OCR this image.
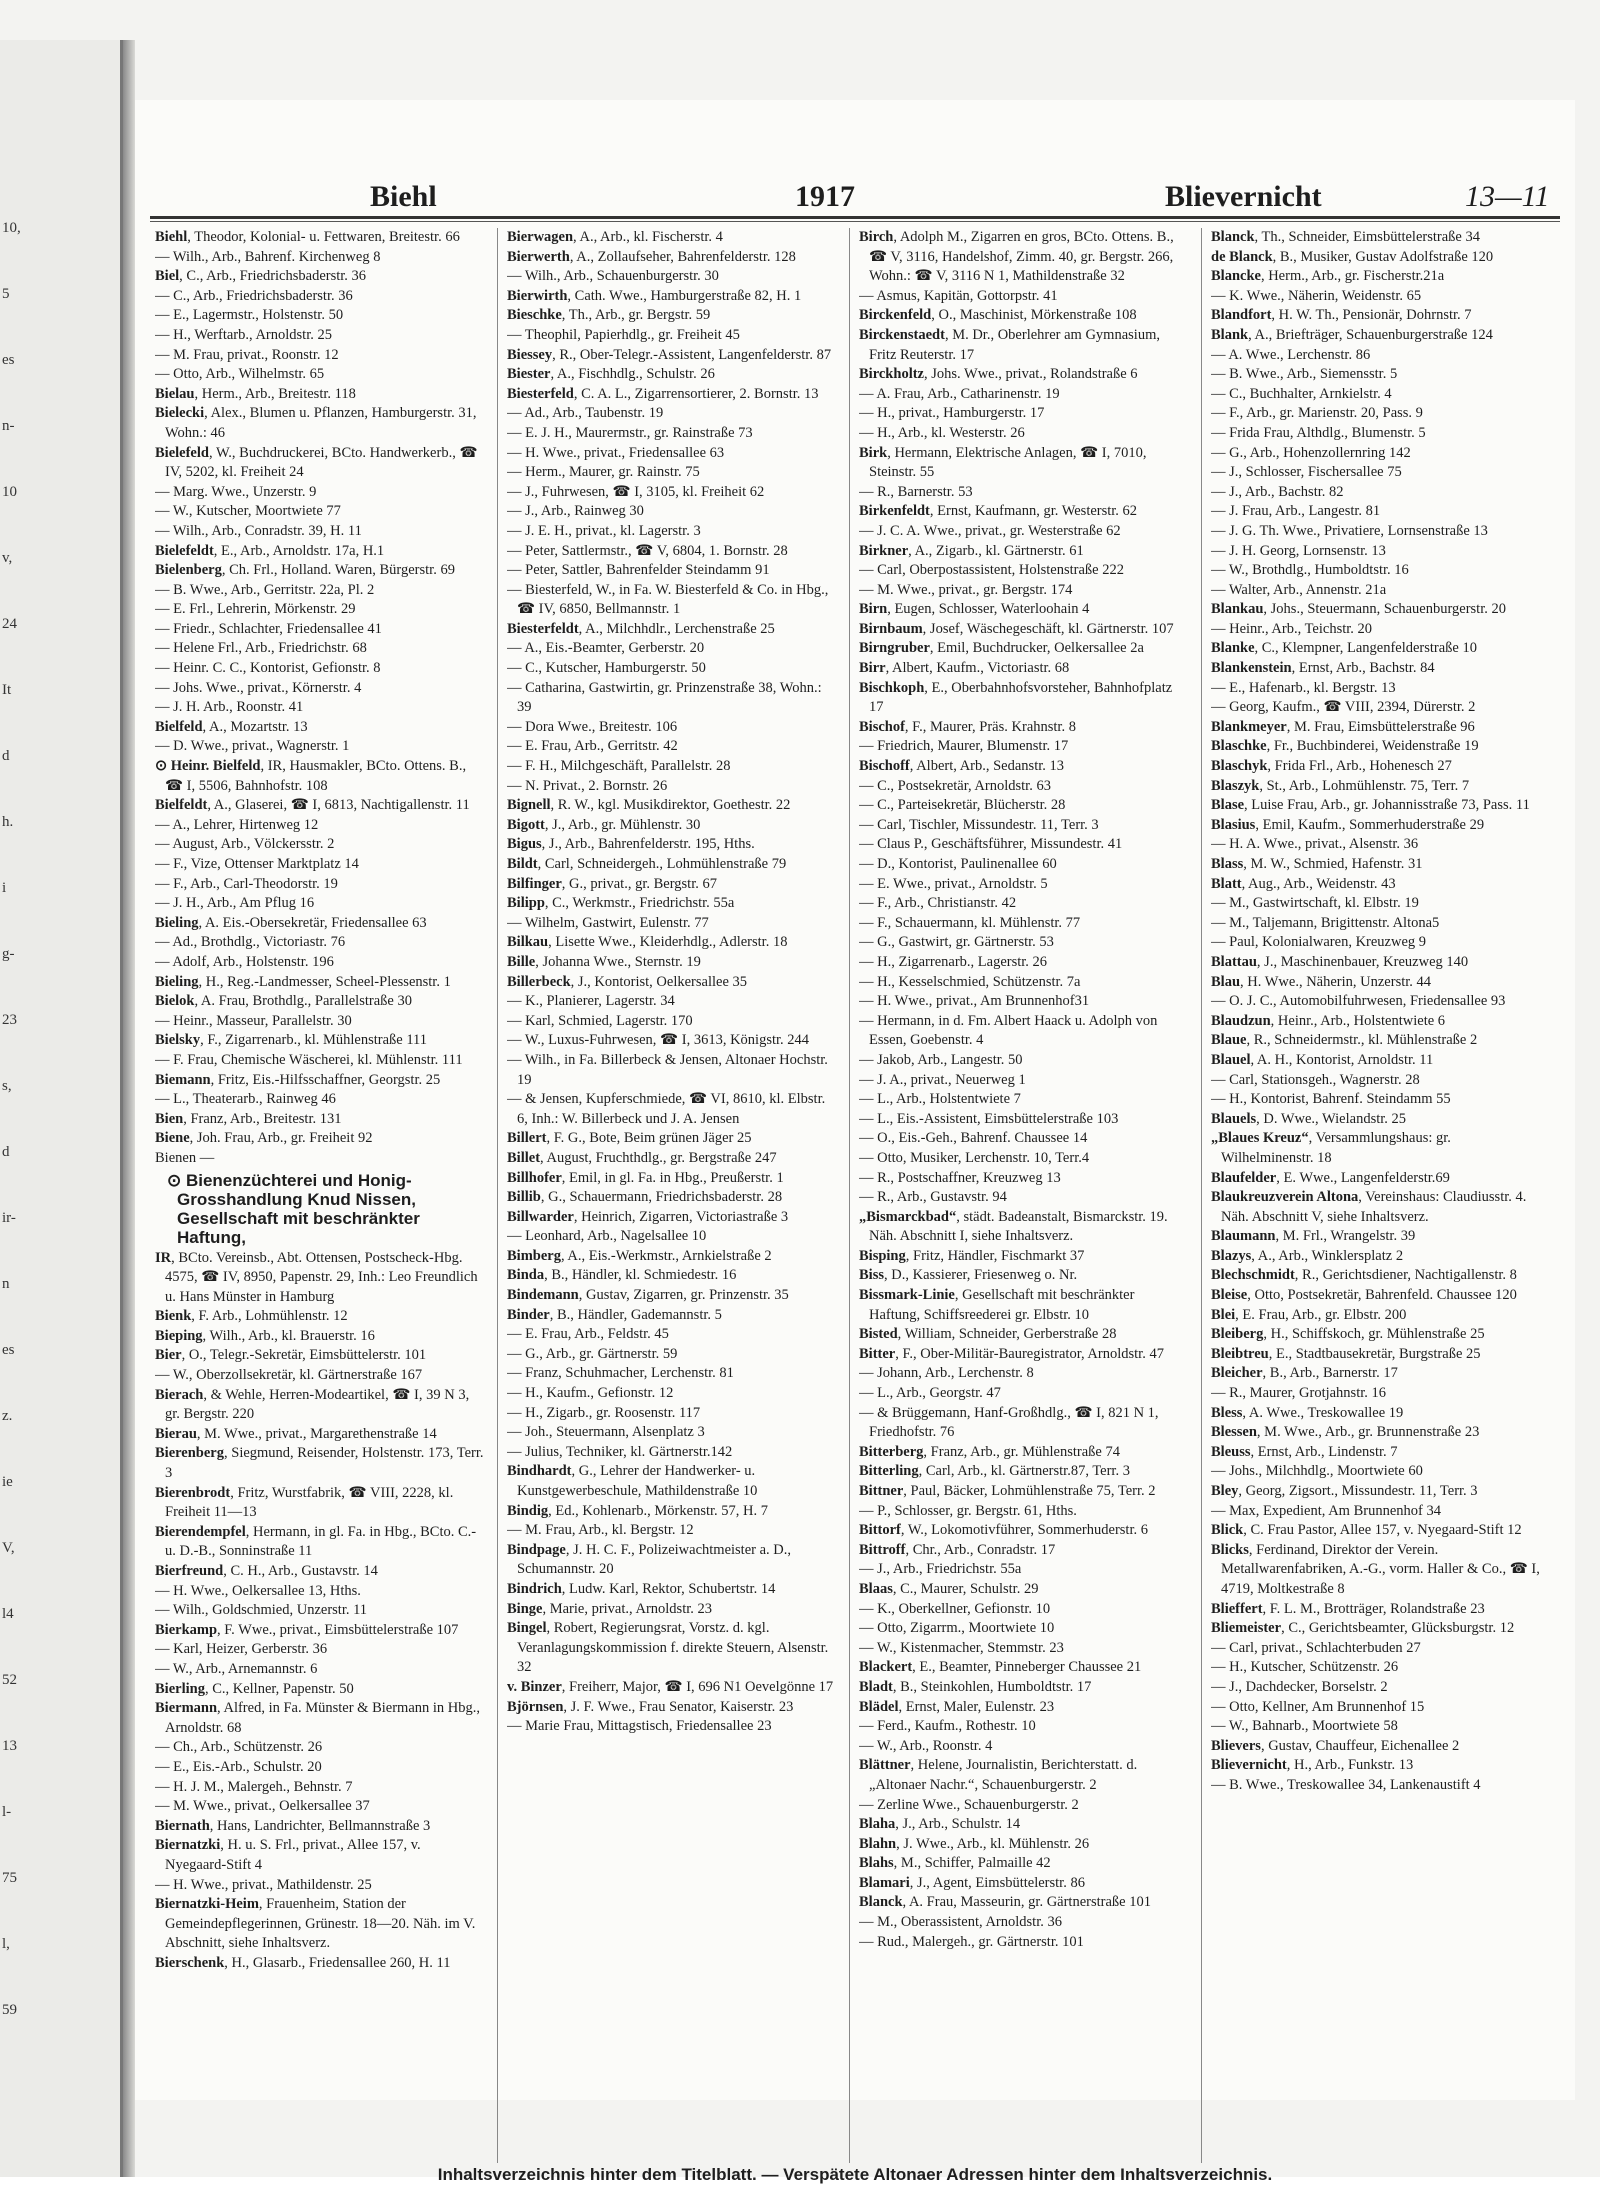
10,
5
es
n-
10
v,
24
It
d
h.
i
g-
23
s,
d
ir-
n
es
z.
ie
V,
l4
52
13
l-
75
l,
59
Biehl	1917	Blievernicht	13—11

Biehl, Theodor, Kolonial- u. Fettwaren, Breitestr. 66

— Wilh., Arb., Bahrenf. Kirchenweg 8

Biel, C., Arb., Friedrichsbaderstr. 36

— C., Arb., Friedrichsbaderstr. 36

— E., Lagermstr., Holstenstr. 50

— H., Werftarb., Arnoldstr. 25

— M. Frau, privat., Roonstr. 12

— Otto, Arb., Wilhelmstr. 65

Bielau, Herm., Arb., Breitestr. 118

Bielecki, Alex., Blumen u. Pflanzen, Hamburgerstr. 31, Wohn.: 46

Bielefeld, W., Buchdruckerei, BCto. Handwerkerb., ☎ IV, 5202, kl. Freiheit 24

— Marg. Wwe., Unzerstr. 9

— W., Kutscher, Moortwiete 77

— Wilh., Arb., Conradstr. 39, H. 11

Bielefeldt, E., Arb., Arnoldstr. 17a, H.1

Bielenberg, Ch. Frl., Holland. Waren, Bürgerstr. 69

— B. Wwe., Arb., Gerritstr. 22a, Pl. 2

— E. Frl., Lehrerin, Mörkenstr. 29

— Friedr., Schlachter, Friedensallee 41

— Helene Frl., Arb., Friedrichstr. 68

— Heinr. C. C., Kontorist, Gefionstr. 8

— Johs. Wwe., privat., Körnerstr. 4

— J. H. Arb., Roonstr. 41

Bielfeld, A., Mozartstr. 13

— D. Wwe., privat., Wagnerstr. 1

⊙ Heinr. Bielfeld, IR, Hausmakler, BCto. Ottens. B., ☎ I, 5506, Bahnhofstr. 108

Bielfeldt, A., Glaserei, ☎ I, 6813, Nachtigallenstr. 11

— A., Lehrer, Hirtenweg 12

— August, Arb., Völckersstr. 2

— F., Vize, Ottenser Marktplatz 14

— F., Arb., Carl-Theodorstr. 19

— J. H., Arb., Am Pflug 16

Bieling, A. Eis.-Obersekretär, Friedensallee 63

— Ad., Brothdlg., Victoriastr. 76

— Adolf, Arb., Holstenstr. 196

Bieling, H., Reg.-Landmesser, Scheel-Plessenstr. 1

Bielok, A. Frau, Brothdlg., Parallelstraße 30

— Heinr., Masseur, Parallelstr. 30

Bielsky, F., Zigarrenarb., kl. Mühlenstraße 111

— F. Frau, Chemische Wäscherei, kl. Mühlenstr. 111

Biemann, Fritz, Eis.-Hilfsschaffner, Georgstr. 25

— L., Theaterarb., Rainweg 46

Bien, Franz, Arb., Breitestr. 131

Biene, Joh. Frau, Arb., gr. Freiheit 92

Bienen —

⊙ Bienenzüchterei und Honig-Grosshandlung Knud Nissen, Gesellschaft mit beschränkter Haftung,

IR, BCto. Vereinsb., Abt. Ottensen, Postscheck-Hbg. 4575, ☎ IV, 8950, Papenstr. 29, Inh.: Leo Freundlich u. Hans Münster in Hamburg

Bienk, F. Arb., Lohmühlenstr. 12

Bieping, Wilh., Arb., kl. Brauerstr. 16

Bier, O., Telegr.-Sekretär, Eimsbüttelerstr. 101

— W., Oberzollsekretär, kl. Gärtnerstraße 167

Bierach, & Wehle, Herren-Modeartikel, ☎ I, 39 N 3, gr. Bergstr. 220

Bierau, M. Wwe., privat., Margarethenstraße 14

Bierenberg, Siegmund, Reisender, Holstenstr. 173, Terr. 3

Bierenbrodt, Fritz, Wurstfabrik, ☎ VIII, 2228, kl. Freiheit 11—13

Bierendempfel, Hermann, in gl. Fa. in Hbg., BCto. C.- u. D.-B., Sonninstraße 11

Bierfreund, C. H., Arb., Gustavstr. 14

— H. Wwe., Oelkersallee 13, Hths.

— Wilh., Goldschmied, Unzerstr. 11

Bierkamp, F. Wwe., privat., Eimsbüttelerstraße 107

— Karl, Heizer, Gerberstr. 36

— W., Arb., Arnemannstr. 6

Bierling, C., Kellner, Papenstr. 50

Biermann, Alfred, in Fa. Münster & Biermann in Hbg., Arnoldstr. 68

— Ch., Arb., Schützenstr. 26

— E., Eis.-Arb., Schulstr. 20

— H. J. M., Malergeh., Behnstr. 7

— M. Wwe., privat., Oelkersallee 37

Biernath, Hans, Landrichter, Bellmannstraße 3

Biernatzki, H. u. S. Frl., privat., Allee 157, v. Nyegaard-Stift 4

— H. Wwe., privat., Mathildenstr. 25

Biernatzki-Heim, Frauenheim, Station der Gemeindepflegerinnen, Grünestr. 18—20. Näh. im V. Abschnitt, siehe Inhaltsverz.

Bierschenk, H., Glasarb., Friedensallee 260, H. 11

Bierwagen, A., Arb., kl. Fischerstr. 4

Bierwerth, A., Zollaufseher, Bahrenfelderstr. 128

— Wilh., Arb., Schauenburgerstr. 30

Bierwirth, Cath. Wwe., Hamburgerstraße 82, H. 1

Bieschke, Th., Arb., gr. Bergstr. 59

— Theophil, Papierhdlg., gr. Freiheit 45

Biessey, R., Ober-Telegr.-Assistent, Langenfelderstr. 87

Biester, A., Fischhdlg., Schulstr. 26

Biesterfeld, C. A. L., Zigarrensortierer, 2. Bornstr. 13

— Ad., Arb., Taubenstr. 19

— E. J. H., Maurermstr., gr. Rainstraße 73

— H. Wwe., privat., Friedensallee 63

— Herm., Maurer, gr. Rainstr. 75

— J., Fuhrwesen, ☎ I, 3105, kl. Freiheit 62

— J., Arb., Rainweg 30

— J. E. H., privat., kl. Lagerstr. 3

— Peter, Sattlermstr., ☎ V, 6804, 1. Bornstr. 28

— Peter, Sattler, Bahrenfelder Steindamm 91

— Biesterfeld, W., in Fa. W. Biesterfeld & Co. in Hbg., ☎ IV, 6850, Bellmannstr. 1

Biesterfeldt, A., Milchhdlr., Lerchenstraße 25

— A., Eis.-Beamter, Gerberstr. 20

— C., Kutscher, Hamburgerstr. 50

— Catharina, Gastwirtin, gr. Prinzenstraße 38, Wohn.: 39

— Dora Wwe., Breitestr. 106

— E. Frau, Arb., Gerritstr. 42

— F. H., Milchgeschäft, Parallelstr. 28

— N. Privat., 2. Bornstr. 26

Bignell, R. W., kgl. Musikdirektor, Goethestr. 22

Bigott, J., Arb., gr. Mühlenstr. 30

Bigus, J., Arb., Bahrenfelderstr. 195, Hths.

Bildt, Carl, Schneidergeh., Lohmühlenstraße 79

Bilfinger, G., privat., gr. Bergstr. 67

Bilipp, C., Werkmstr., Friedrichstr. 55a

— Wilhelm, Gastwirt, Eulenstr. 77

Bilkau, Lisette Wwe., Kleiderhdlg., Adlerstr. 18

Bille, Johanna Wwe., Sternstr. 19

Billerbeck, J., Kontorist, Oelkersallee 35

— K., Planierer, Lagerstr. 34

— Karl, Schmied, Lagerstr. 170

— W., Luxus-Fuhrwesen, ☎ I, 3613, Königstr. 244

— Wilh., in Fa. Billerbeck & Jensen, Altonaer Hochstr. 19

— & Jensen, Kupferschmiede, ☎ VI, 8610, kl. Elbstr. 6, Inh.: W. Billerbeck und J. A. Jensen

Billert, F. G., Bote, Beim grünen Jäger 25

Billet, August, Fruchthdlg., gr. Bergstraße 247

Billhofer, Emil, in gl. Fa. in Hbg., Preußerstr. 1

Billib, G., Schauermann, Friedrichsbaderstr. 28

Billwarder, Heinrich, Zigarren, Victoriastraße 3

— Leonhard, Arb., Nagelsallee 10

Bimberg, A., Eis.-Werkmstr., Arnkielstraße 2

Binda, B., Händler, kl. Schmiedestr. 16

Bindemann, Gustav, Zigarren, gr. Prinzenstr. 35

Binder, B., Händler, Gademannstr. 5

— E. Frau, Arb., Feldstr. 45

— G., Arb., gr. Gärtnerstr. 59

— Franz, Schuhmacher, Lerchenstr. 81

— H., Kaufm., Gefionstr. 12

— H., Zigarb., gr. Roosenstr. 117

— Joh., Steuermann, Alsenplatz 3

— Julius, Techniker, kl. Gärtnerstr.142

Bindhardt, G., Lehrer der Handwerker- u. Kunstgewerbeschule, Mathildenstraße 10

Bindig, Ed., Kohlenarb., Mörkenstr. 57, H. 7

— M. Frau, Arb., kl. Bergstr. 12

Bindpage, J. H. C. F., Polizeiwachtmeister a. D., Schumannstr. 20

Bindrich, Ludw. Karl, Rektor, Schubertstr. 14

Binge, Marie, privat., Arnoldstr. 23

Bingel, Robert, Regierungsrat, Vorstz. d. kgl. Veranlagungskommission f. direkte Steuern, Alsenstr. 32

v. Binzer, Freiherr, Major, ☎ I, 696 N1 Oevelgönne 17

Björnsen, J. F. Wwe., Frau Senator, Kaiserstr. 23

— Marie Frau, Mittagstisch, Friedensallee 23

Birch, Adolph M., Zigarren en gros, BCto. Ottens. B., ☎ V, 3116, Handelshof, Zimm. 40, gr. Bergstr. 266, Wohn.: ☎ V, 3116 N 1, Mathildenstraße 32

— Asmus, Kapitän, Gottorpstr. 41

Birckenfeld, O., Maschinist, Mörkenstraße 108

Birckenstaedt, M. Dr., Oberlehrer am Gymnasium, Fritz Reuterstr. 17

Birckholtz, Johs. Wwe., privat., Rolandstraße 6

— A. Frau, Arb., Catharinenstr. 19

— H., privat., Hamburgerstr. 17

— H., Arb., kl. Westerstr. 26

Birk, Hermann, Elektrische Anlagen, ☎ I, 7010, Steinstr. 55

— R., Barnerstr. 53

Birkenfeldt, Ernst, Kaufmann, gr. Westerstr. 62

— J. C. A. Wwe., privat., gr. Westerstraße 62

Birkner, A., Zigarb., kl. Gärtnerstr. 61

— Carl, Oberpostassistent, Holstenstraße 222

— M. Wwe., privat., gr. Bergstr. 174

Birn, Eugen, Schlosser, Waterloohain 4

Birnbaum, Josef, Wäschegeschäft, kl. Gärtnerstr. 107

Birngruber, Emil, Buchdrucker, Oelkersallee 2a

Birr, Albert, Kaufm., Victoriastr. 68

Bischkoph, E., Oberbahnhofsvorsteher, Bahnhofplatz 17

Bischof, F., Maurer, Präs. Krahnstr. 8

— Friedrich, Maurer, Blumenstr. 17

Bischoff, Albert, Arb., Sedanstr. 13

— C., Postsekretär, Arnoldstr. 63

— C., Parteisekretär, Blücherstr. 28

— Carl, Tischler, Missundestr. 11, Terr. 3

— Claus P., Geschäftsführer, Missundestr. 41

— D., Kontorist, Paulinenallee 60

— E. Wwe., privat., Arnoldstr. 5

— F., Arb., Christianstr. 42

— F., Schauermann, kl. Mühlenstr. 77

— G., Gastwirt, gr. Gärtnerstr. 53

— H., Zigarrenarb., Lagerstr. 26

— H., Kesselschmied, Schützenstr. 7a

— H. Wwe., privat., Am Brunnenhof31

— Hermann, in d. Fm. Albert Haack u. Adolph von Essen, Goebenstr. 4

— Jakob, Arb., Langestr. 50

— J. A., privat., Neuerweg 1

— L., Arb., Holstentwiete 7

— L., Eis.-Assistent, Eimsbüttelerstraße 103

— O., Eis.-Geh., Bahrenf. Chaussee 14

— Otto, Musiker, Lerchenstr. 10, Terr.4

— R., Postschaffner, Kreuzweg 13

— R., Arb., Gustavstr. 94

„Bismarckbad“, städt. Badeanstalt, Bismarckstr. 19. Näh. Abschnitt I, siehe Inhaltsverz.

Bisping, Fritz, Händler, Fischmarkt 37

Biss, D., Kassierer, Friesenweg o. Nr.

Bissmark-Linie, Gesellschaft mit beschränkter Haftung, Schiffsreederei gr. Elbstr. 10

Bisted, William, Schneider, Gerberstraße 28

Bitter, F., Ober-Militär-Bauregistrator, Arnoldstr. 47

— Johann, Arb., Lerchenstr. 8

— L., Arb., Georgstr. 47

— & Brüggemann, Hanf-Großhdlg., ☎ I, 821 N 1, Friedhofstr. 76

Bitterberg, Franz, Arb., gr. Mühlenstraße 74

Bitterling, Carl, Arb., kl. Gärtnerstr.87, Terr. 3

Bittner, Paul, Bäcker, Lohmühlenstraße 75, Terr. 2

— P., Schlosser, gr. Bergstr. 61, Hths.

Bittorf, W., Lokomotivführer, Sommerhuderstr. 6

Bittroff, Chr., Arb., Conradstr. 17

— J., Arb., Friedrichstr. 55a

Blaas, C., Maurer, Schulstr. 29

— K., Oberkellner, Gefionstr. 10

— Otto, Zigarrm., Moortwiete 10

— W., Kistenmacher, Stemmstr. 23

Blackert, E., Beamter, Pinneberger Chaussee 21

Bladt, B., Steinkohlen, Humboldtstr. 17

Blädel, Ernst, Maler, Eulenstr. 23

— Ferd., Kaufm., Rothestr. 10

— W., Arb., Roonstr. 4

Blättner, Helene, Journalistin, Berichterstatt. d. „Altonaer Nachr.“, Schauenburgerstr. 2

— Zerline Wwe., Schauenburgerstr. 2

Blaha, J., Arb., Schulstr. 14

Blahn, J. Wwe., Arb., kl. Mühlenstr. 26

Blahs, M., Schiffer, Palmaille 42

Blamari, J., Agent, Eimsbüttelerstr. 86

Blanck, A. Frau, Masseurin, gr. Gärtnerstraße 101

— M., Oberassistent, Arnoldstr. 36

— Rud., Malergeh., gr. Gärtnerstr. 101

Blanck, Th., Schneider, Eimsbüttelerstraße 34

de Blanck, B., Musiker, Gustav Adolfstraße 120

Blancke, Herm., Arb., gr. Fischerstr.21a

— K. Wwe., Näherin, Weidenstr. 65

Blandfort, H. W. Th., Pensionär, Dohrnstr. 7

Blank, A., Briefträger, Schauenburgerstraße 124

— A. Wwe., Lerchenstr. 86

— B. Wwe., Arb., Siemensstr. 5

— C., Buchhalter, Arnkielstr. 4

— F., Arb., gr. Marienstr. 20, Pass. 9

— Frida Frau, Althdlg., Blumenstr. 5

— G., Arb., Hohenzollernring 142

— J., Schlosser, Fischersallee 75

— J., Arb., Bachstr. 82

— J. Frau, Arb., Langestr. 81

— J. G. Th. Wwe., Privatiere, Lornsenstraße 13

— J. H. Georg, Lornsenstr. 13

— W., Brothdlg., Humboldtstr. 16

— Walter, Arb., Annenstr. 21a

Blankau, Johs., Steuermann, Schauenburgerstr. 20

— Heinr., Arb., Teichstr. 20

Blanke, C., Klempner, Langenfelderstraße 10

Blankenstein, Ernst, Arb., Bachstr. 84

— E., Hafenarb., kl. Bergstr. 13

— Georg, Kaufm., ☎ VIII, 2394, Dürerstr. 2

Blankmeyer, M. Frau, Eimsbüttelerstraße 96

Blaschke, Fr., Buchbinderei, Weidenstraße 19

Blaschyk, Frida Frl., Arb., Hohenesch 27

Blaszyk, St., Arb., Lohmühlenstr. 75, Terr. 7

Blase, Luise Frau, Arb., gr. Johannisstraße 73, Pass. 11

Blasius, Emil, Kaufm., Sommerhuderstraße 29

— H. A. Wwe., privat., Alsenstr. 36

Blass, M. W., Schmied, Hafenstr. 31

Blatt, Aug., Arb., Weidenstr. 43

— M., Gastwirtschaft, kl. Elbstr. 19

— M., Taljemann, Brigittenstr. Altona5

— Paul, Kolonialwaren, Kreuzweg 9

Blattau, J., Maschinenbauer, Kreuzweg 140

Blau, H. Wwe., Näherin, Unzerstr. 44

— O. J. C., Automobilfuhrwesen, Friedensallee 93

Blaudzun, Heinr., Arb., Holstentwiete 6

Blaue, R., Schneidermstr., kl. Mühlenstraße 2

Blauel, A. H., Kontorist, Arnoldstr. 11

— Carl, Stationsgeh., Wagnerstr. 28

— H., Kontorist, Bahrenf. Steindamm 55

Blauels, D. Wwe., Wielandstr. 25

„Blaues Kreuz“, Versammlungshaus: gr. Wilhelminenstr. 18

Blaufelder, E. Wwe., Langenfelderstr.69

Blaukreuzverein Altona, Vereinshaus: Claudiusstr. 4. Näh. Abschnitt V, siehe Inhaltsverz.

Blaumann, M. Frl., Wrangelstr. 39

Blazys, A., Arb., Winklersplatz 2

Blechschmidt, R., Gerichtsdiener, Nachtigallenstr. 8

Bleise, Otto, Postsekretär, Bahrenfeld. Chaussee 120

Blei, E. Frau, Arb., gr. Elbstr. 200

Bleiberg, H., Schiffskoch, gr. Mühlenstraße 25

Bleibtreu, E., Stadtbausekretär, Burgstraße 25

Bleicher, B., Arb., Barnerstr. 17

— R., Maurer, Grotjahnstr. 16

Bless, A. Wwe., Treskowallee 19

Blessen, M. Wwe., Arb., gr. Brunnenstraße 23

Bleuss, Ernst, Arb., Lindenstr. 7

— Johs., Milchhdlg., Moortwiete 60

Bley, Georg, Zigsort., Missundestr. 11, Terr. 3

— Max, Expedient, Am Brunnenhof 34

Blick, C. Frau Pastor, Allee 157, v. Nyegaard-Stift 12

Blicks, Ferdinand, Direktor der Verein. Metallwarenfabriken, A.-G., vorm. Haller & Co., ☎ I, 4719, Moltkestraße 8

Blieffert, F. L. M., Brotträger, Rolandstraße 23

Bliemeister, C., Gerichtsbeamter, Glücksburgstr. 12

— Carl, privat., Schlachterbuden 27

— H., Kutscher, Schützenstr. 26

— J., Dachdecker, Borselstr. 2

— Otto, Kellner, Am Brunnenhof 15

— W., Bahnarb., Moortwiete 58

Blievers, Gustav, Chauffeur, Eichenallee 2

Blievernicht, H., Arb., Funkstr. 13

— B. Wwe., Treskowallee 34, Lankenaustift 4

Inhaltsverzeichnis hinter dem Titelblatt. — Verspätete Altonaer Adressen hinter dem Inhaltsverzeichnis.
